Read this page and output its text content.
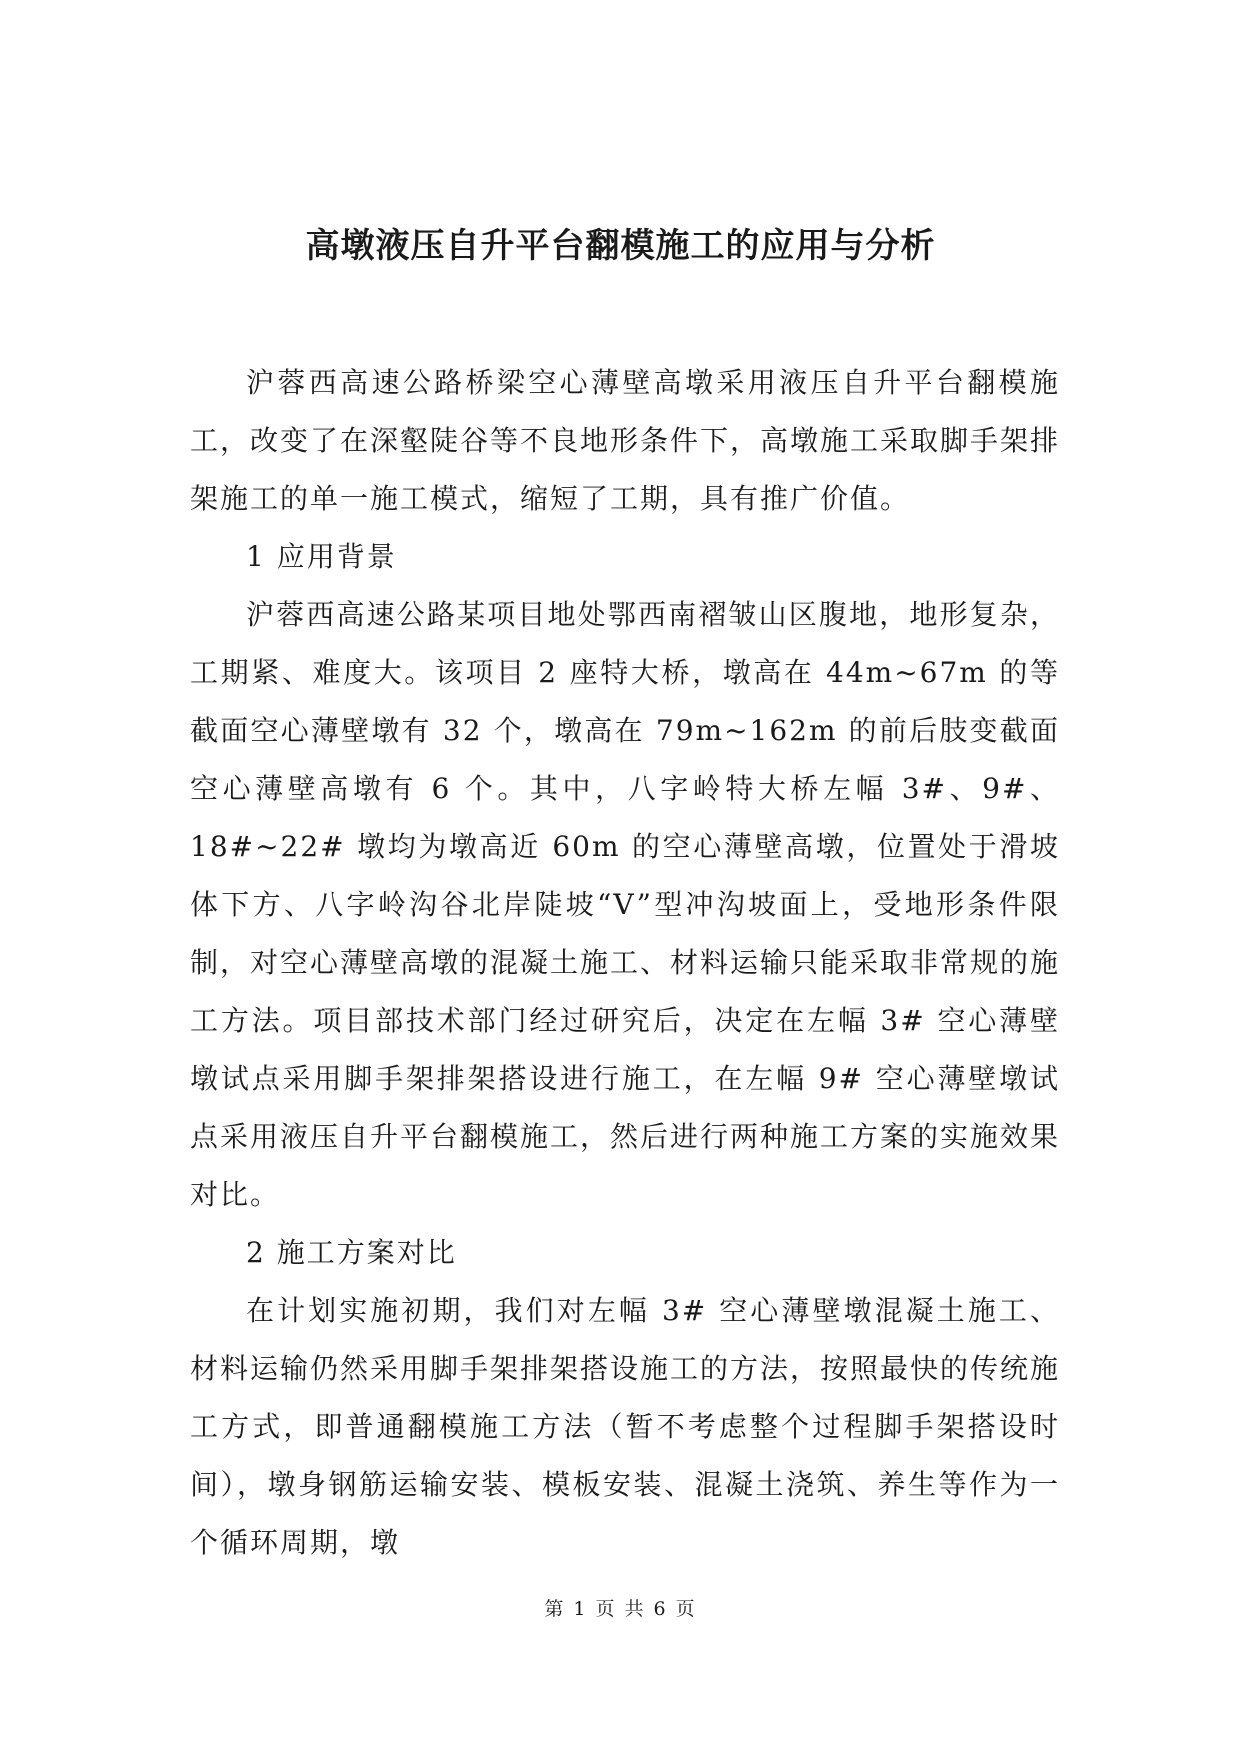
高墩液压自升平台翻模施工的应用与分析

沪蓉西高速公路桥梁空心薄壁高墩采用液压自升平台翻模施工，改变了在深壑陡谷等不良地形条件下，高墩施工采取脚手架排架施工的单一施工模式，缩短了工期，具有推广价值。

1 应用背景

沪蓉西高速公路某项目地处鄂西南褶皱山区腹地，地形复杂，工期紧、难度大。该项目 2 座特大桥，墩高在 44m~67m 的等截面空心薄壁墩有 32 个，墩高在 79m~162m 的前后肢变截面空心薄壁高墩有 6 个。其中，八字岭特大桥左幅 3#、9#、18#~22# 墩均为墩高近 60m 的空心薄壁高墩，位置处于滑坡体下方、八字岭沟谷北岸陡坡“V”型冲沟坡面上，受地形条件限制，对空心薄壁高墩的混凝土施工、材料运输只能采取非常规的施工方法。项目部技术部门经过研究后，决定在左幅 3# 空心薄壁墩试点采用脚手架排架搭设进行施工，在左幅 9# 空心薄壁墩试点采用液压自升平台翻模施工，然后进行两种施工方案的实施效果对比。

2 施工方案对比

在计划实施初期，我们对左幅 3# 空心薄壁墩混凝土施工、材料运输仍然采用脚手架排架搭设施工的方法，按照最快的传统施工方式，即普通翻模施工方法（暂不考虑整个过程脚手架搭设时间），墩身钢筋运输安装、模板安装、混凝土浇筑、养生等作为一个循环周期，墩

第 1 页 共 6 页
